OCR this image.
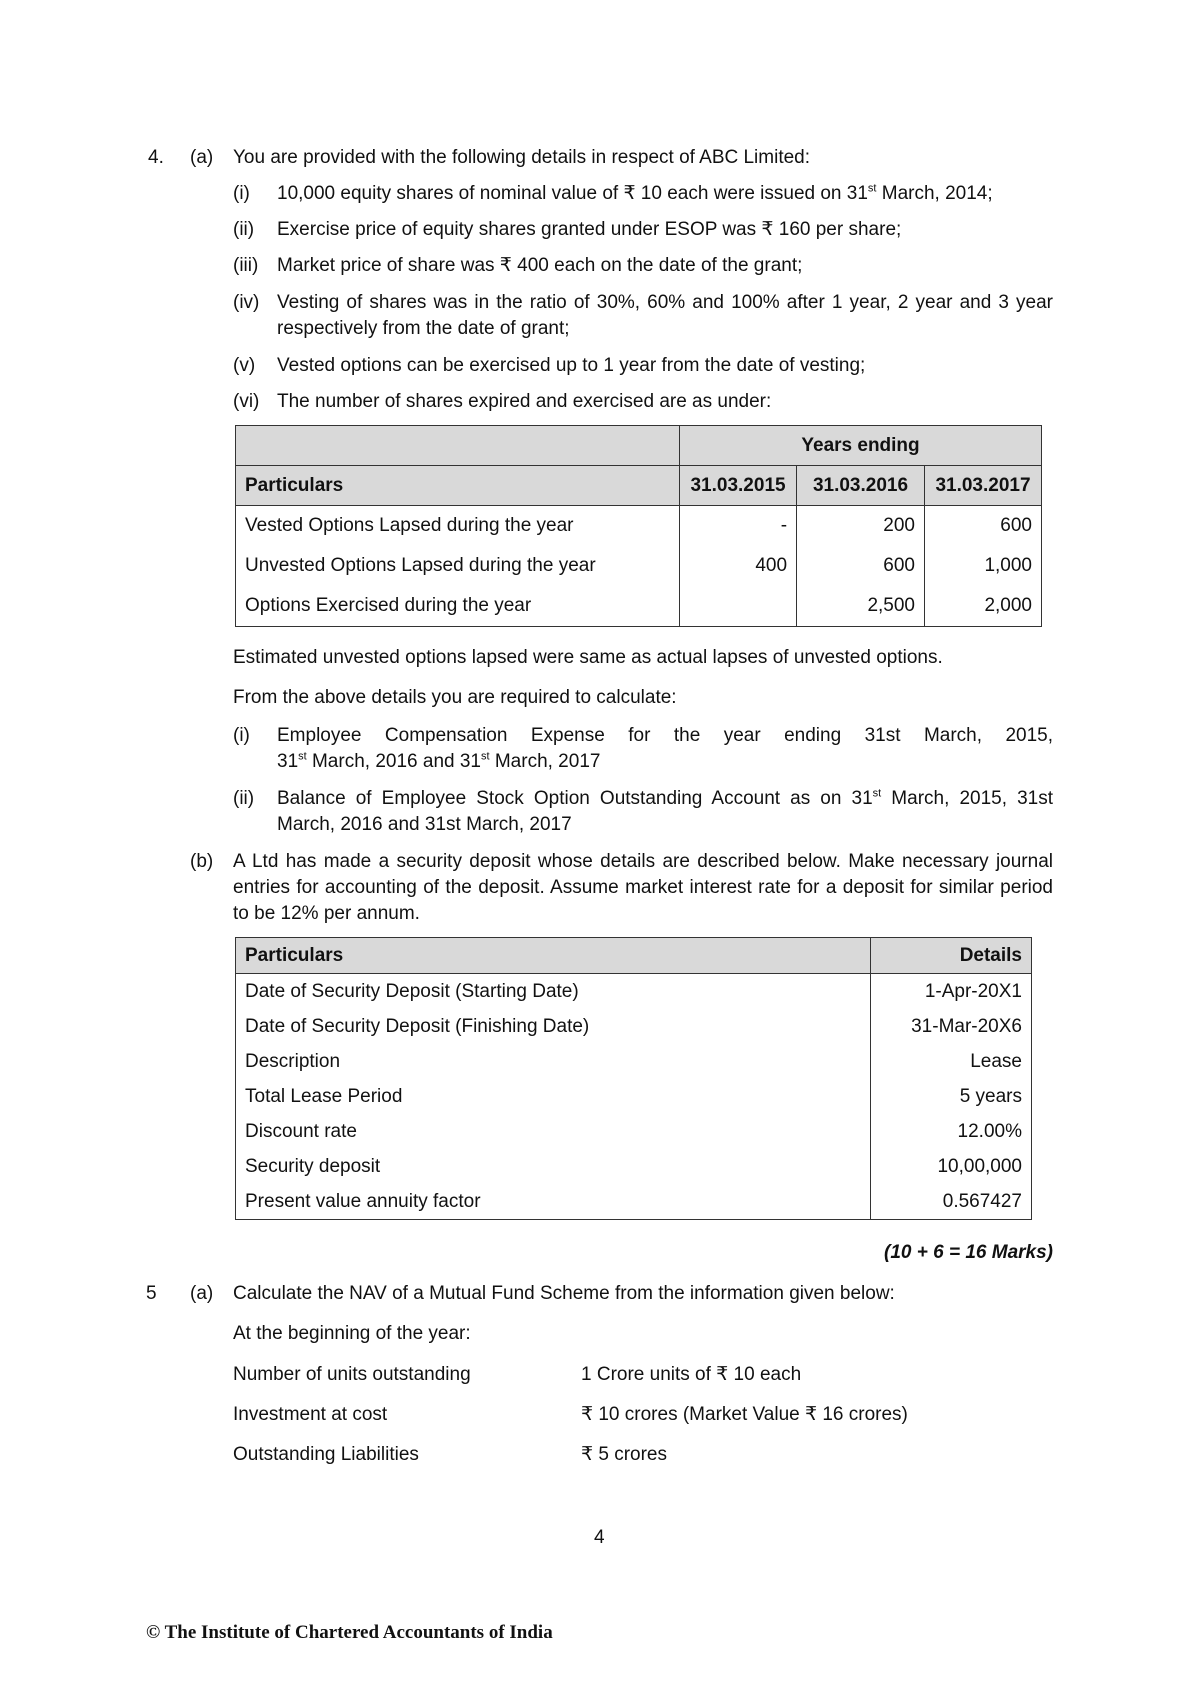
4. (a) You are provided with the following details in respect of ABC Limited:
(i) 10,000 equity shares of nominal value of ₹ 10 each were issued on 31st March, 2014;
(ii) Exercise price of equity shares granted under ESOP was ₹ 160 per share;
(iii) Market price of share was ₹ 400 each on the date of the grant;
(iv) Vesting of shares was in the ratio of 30%, 60% and 100% after 1 year, 2 year and 3 year
respectively from the date of grant;
(v) Vested options can be exercised up to 1 year from the date of vesting;
(vi) The number of shares expired and exercised are as under:
	Years ending		
Particulars	31.03.2015	31.03.2016	31.03.2017
Vested Options Lapsed during the year	-	200	600
Unvested Options Lapsed during the year	400	600	1,000
Options Exercised during the year		2,500	2,000
Estimated unvested options lapsed were same as actual lapses of unvested options.
From the above details you are required to calculate:
(i) Employee Compensation Expense for the year ending 31st March, 2015,
31st March, 2016 and 31st March, 2017
(ii) Balance of Employee Stock Option Outstanding Account as on 31st March, 2015, 31st
March, 2016 and 31st March, 2017
(b) A Ltd has made a security deposit whose details are described below. Make necessary journal
entries for accounting of the deposit. Assume market interest rate for a deposit for similar period
to be 12% per annum.
Particulars	Details
Date of Security Deposit (Starting Date)	1-Apr-20X1
Date of Security Deposit (Finishing Date)	31-Mar-20X6
Description	Lease
Total Lease Period	5 years
Discount rate	12.00%
Security deposit	10,00,000
Present value annuity factor	0.567427
(10 + 6 = 16 Marks)
5 (a) Calculate the NAV of a Mutual Fund Scheme from the information given below:
At the beginning of the year:
Number of units outstanding	1 Crore units of ₹ 10 each
Investment at cost	₹ 10 crores (Market Value ₹ 16 crores)
Outstanding Liabilities	₹ 5 crores
4
© The Institute of Chartered Accountants of India
